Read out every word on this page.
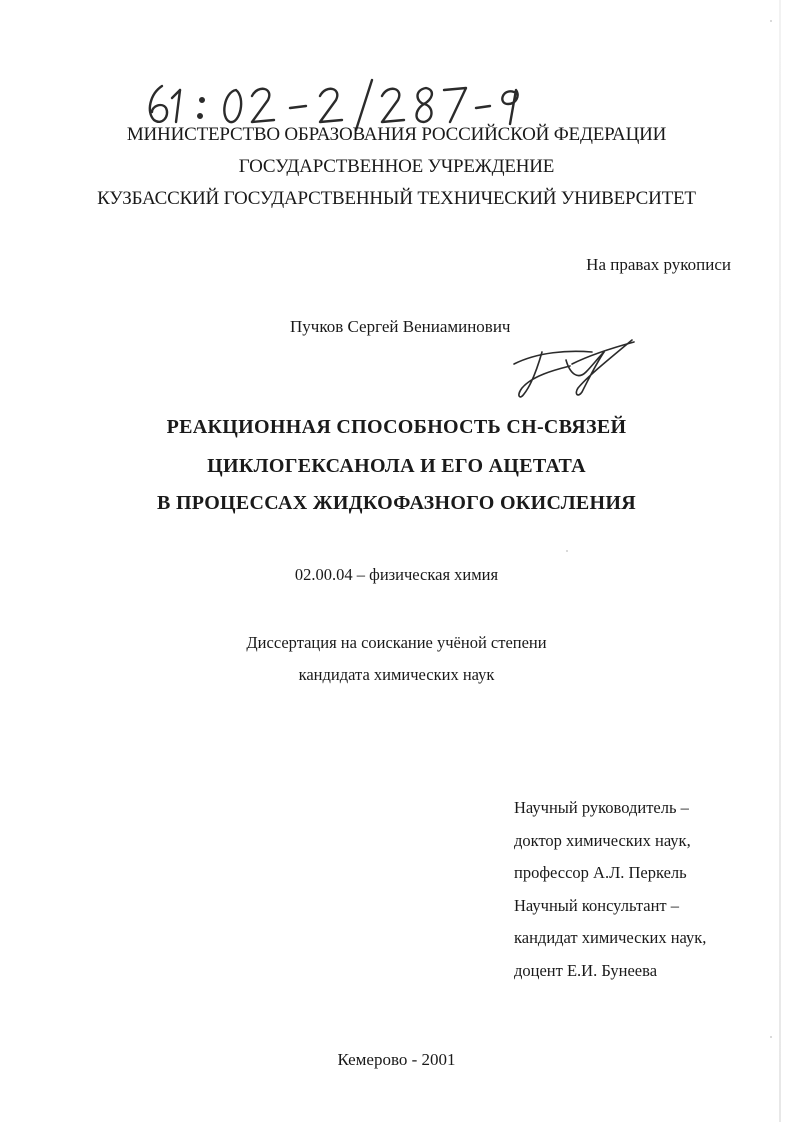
МИНИСТЕРСТВО ОБРАЗОВАНИЯ РОССИЙСКОЙ ФЕДЕРАЦИИ
ГОСУДАРСТВЕННОЕ УЧРЕЖДЕНИЕ
КУЗБАССКИЙ ГОСУДАРСТВЕННЫЙ ТЕХНИЧЕСКИЙ УНИВЕРСИТЕТ
На правах рукописи
Пучков Сергей Вениаминович
РЕАКЦИОННАЯ СПОСОБНОСТЬ СН-СВЯЗЕЙ
ЦИКЛОГЕКСАНОЛА И ЕГО АЦЕТАТА
В ПРОЦЕССАХ ЖИДКОФАЗНОГО ОКИСЛЕНИЯ
02.00.04 – физическая химия
Диссертация на соискание учёной степени
кандидата химических наук
Научный руководитель –
доктор химических наук,
профессор А.Л. Перкель
Научный консультант –
кандидат химических наук,
доцент Е.И. Бунеева
Кемерово - 2001
